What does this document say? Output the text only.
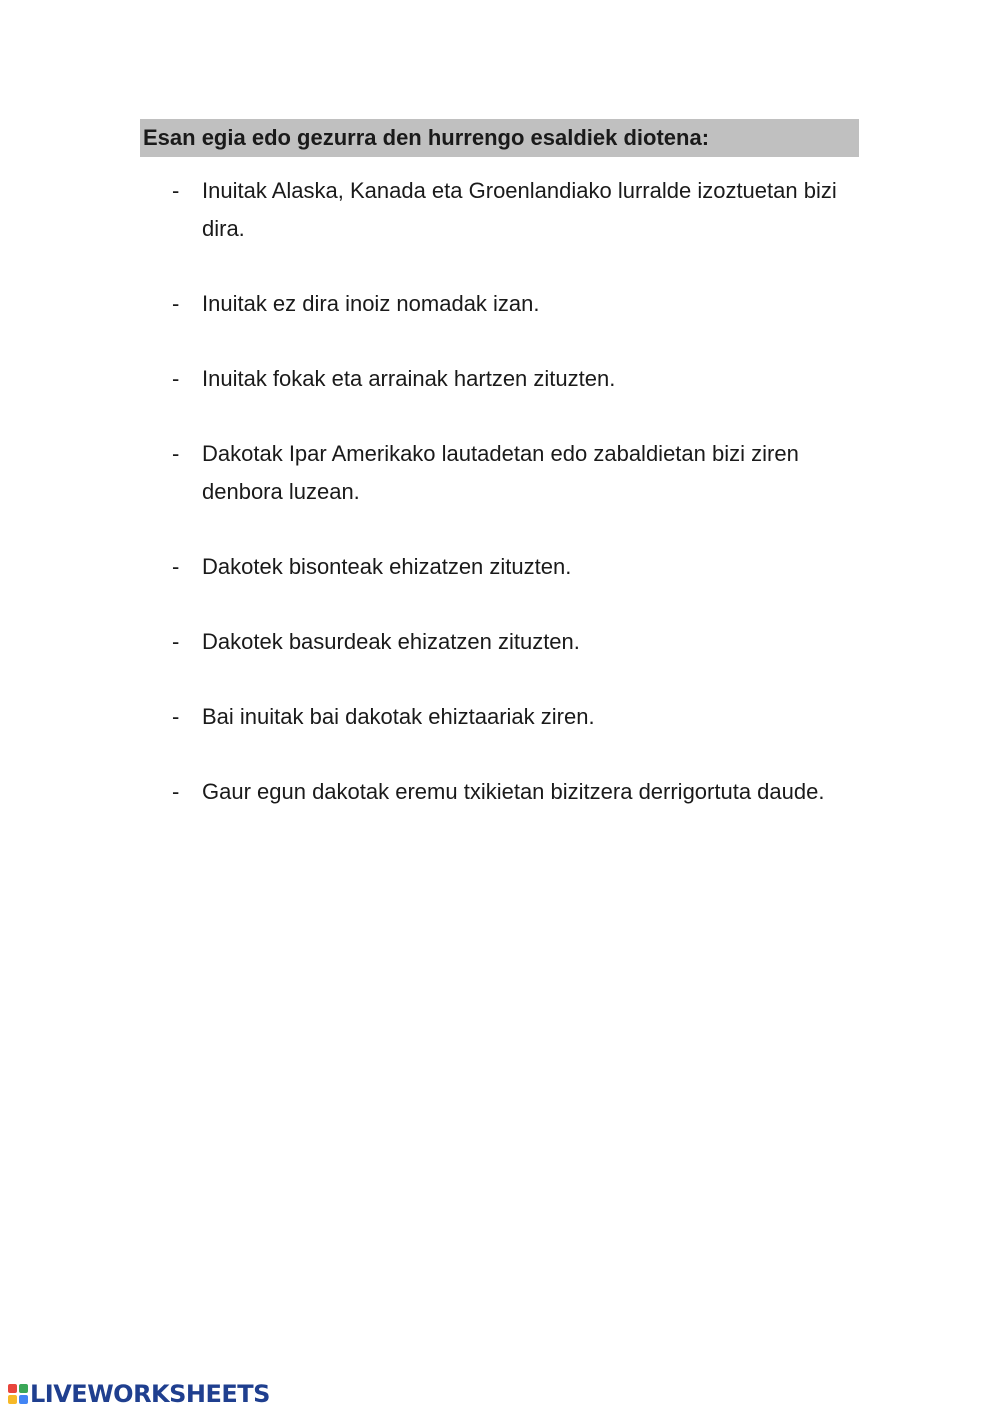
Esan egia edo gezurra den hurrengo esaldiek diotena:
-	Inuitak Alaska, Kanada eta Groenlandiako lurralde izoztuetan bizi dira.
-	Inuitak ez dira inoiz nomadak izan.
-	Inuitak fokak eta arrainak hartzen zituzten.
-	Dakotak Ipar Amerikako lautadetan edo zabaldietan bizi ziren denbora luzean.
-	Dakotek bisonteak ehizatzen zituzten.
-	Dakotek basurdeak ehizatzen zituzten.
-	Bai inuitak bai dakotak ehiztaariak ziren.
-	Gaur egun dakotak eremu txikietan bizitzera derrigortuta daude.
LIVEWORKSHEETS
